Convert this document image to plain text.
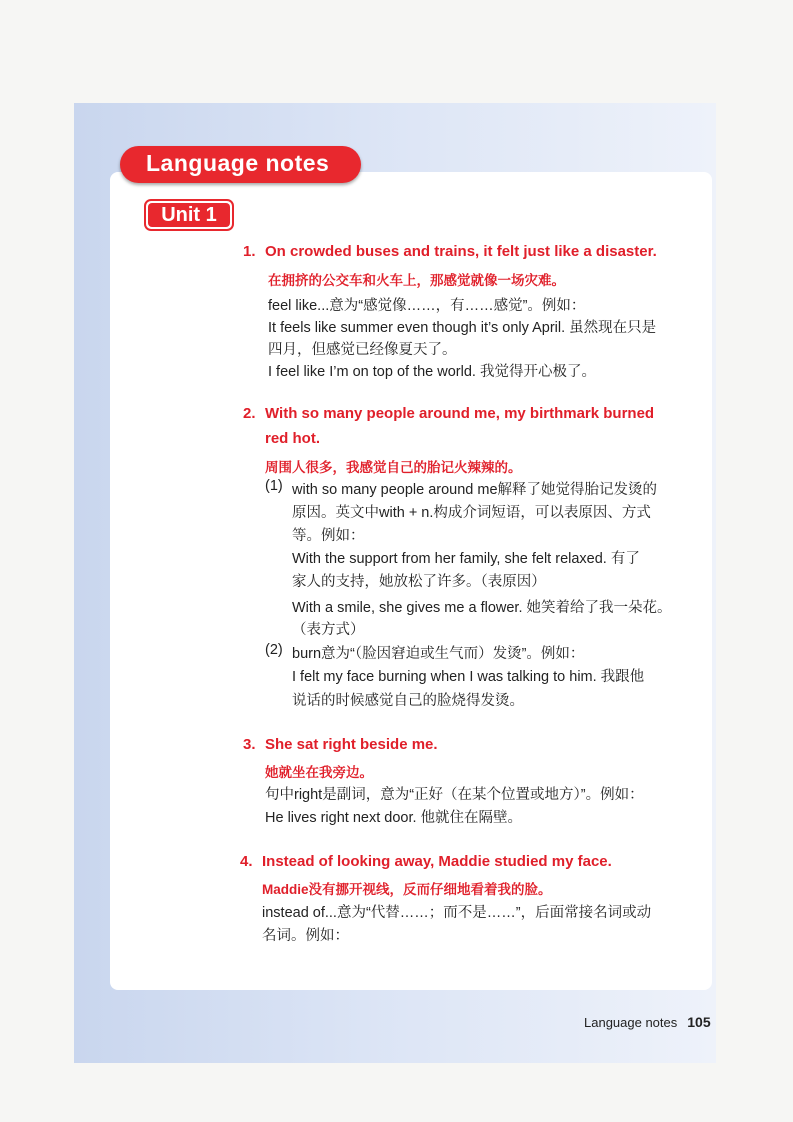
Language notes
Unit 1
1. On crowded buses and trains, it felt just like a disaster.
在拥挤的公交车和火车上，那感觉就像一场灾难。
feel like...意为“感觉像……，有……感觉”。例如：
It feels like summer even though it’s only April. 虽然现在只是
四月，但感觉已经像夏天了。
I feel like I’m on top of the world. 我觉得开心极了。
2. With so many people around me, my birthmark burned
red hot.
周围人很多，我感觉自己的胎记火辣辣的。
(1) with so many people around me解释了她觉得胎记发烫的
原因。英文中with + n.构成介词短语，可以表原因、方式
等。例如：
With the support from her family, she felt relaxed. 有了
家人的支持，她放松了许多。（表原因）
With a smile, she gives me a flower. 她笑着给了我一朵花。
（表方式）
(2) burn意为“（脸因窘迫或生气而）发烫”。例如：
I felt my face burning when I was talking to him. 我跟他
说话的时候感觉自己的脸烧得发烫。
3. She sat right beside me.
她就坐在我旁边。
句中right是副词，意为“正好（在某个位置或地方）”。例如：
He lives right next door. 他就住在隔壁。
4. Instead of looking away, Maddie studied my face.
Maddie没有挪开视线，反而仔细地看着我的脸。
instead of...意为“代替……；而不是……”，后面常接名词或动
名词。例如：
Language notes 105
